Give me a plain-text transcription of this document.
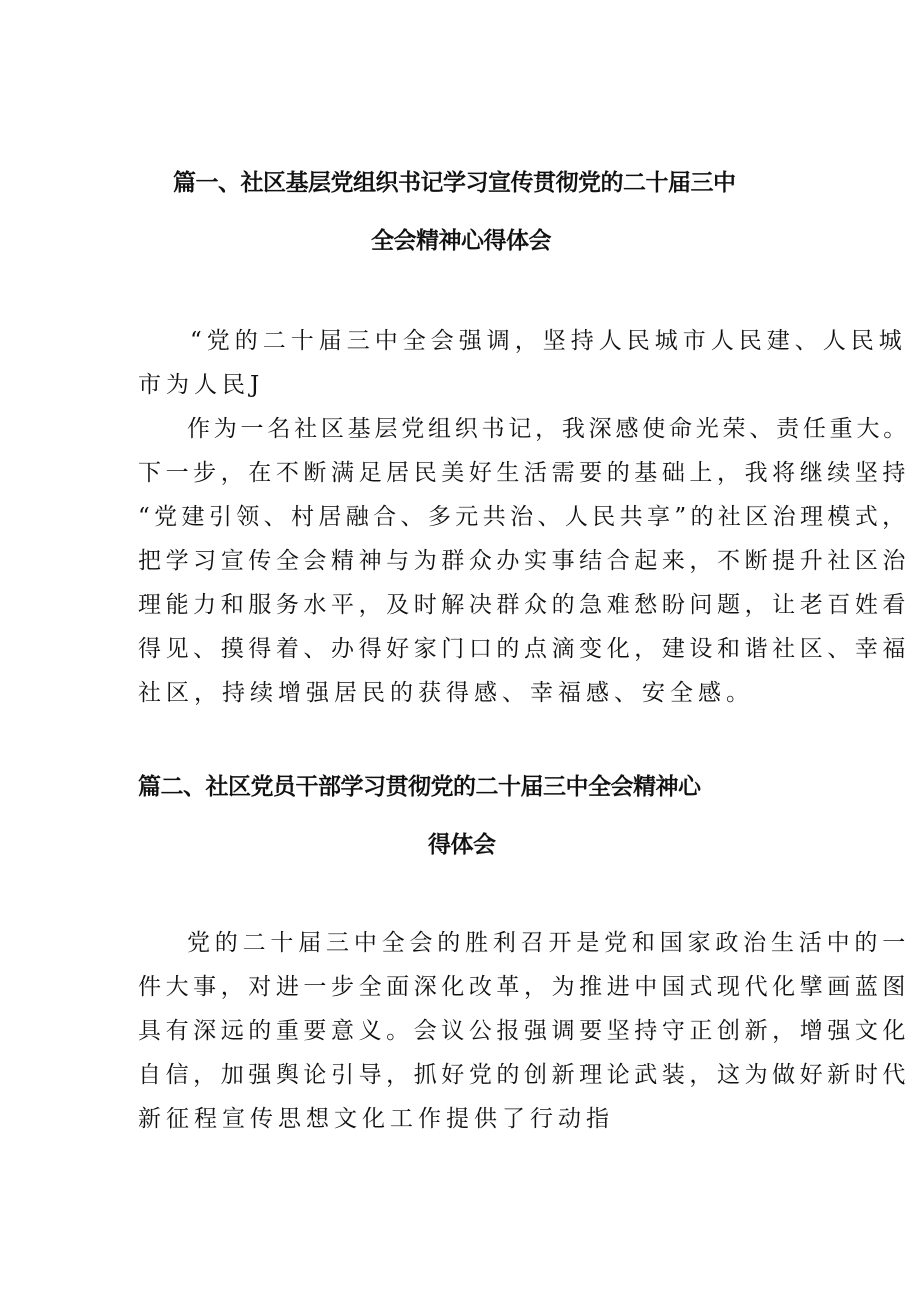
篇一、社区基层党组织书记学习宣传贯彻党的二十届三中
全会精神心得体会
“党的二十届三中全会强调，坚持人民城市人民建、人民城
市为人民J
作为一名社区基层党组织书记，我深感使命光荣、责任重大。
下一步，在不断满足居民美好生活需要的基础上，我将继续坚持
“党建引领、村居融合、多元共治、人民共享”的社区治理模式，
把学习宣传全会精神与为群众办实事结合起来，不断提升社区治
理能力和服务水平，及时解决群众的急难愁盼问题，让老百姓看
得见、摸得着、办得好家门口的点滴变化，建设和谐社区、幸福
社区，持续增强居民的获得感、幸福感、安全感。
篇二、社区党员干部学习贯彻党的二十届三中全会精神心
得体会
党的二十届三中全会的胜利召开是党和国家政治生活中的一
件大事，对进一步全面深化改革，为推进中国式现代化擘画蓝图
具有深远的重要意义。会议公报强调要坚持守正创新，增强文化
自信，加强舆论引导，抓好党的创新理论武装，这为做好新时代
新征程宣传思想文化工作提供了行动指
